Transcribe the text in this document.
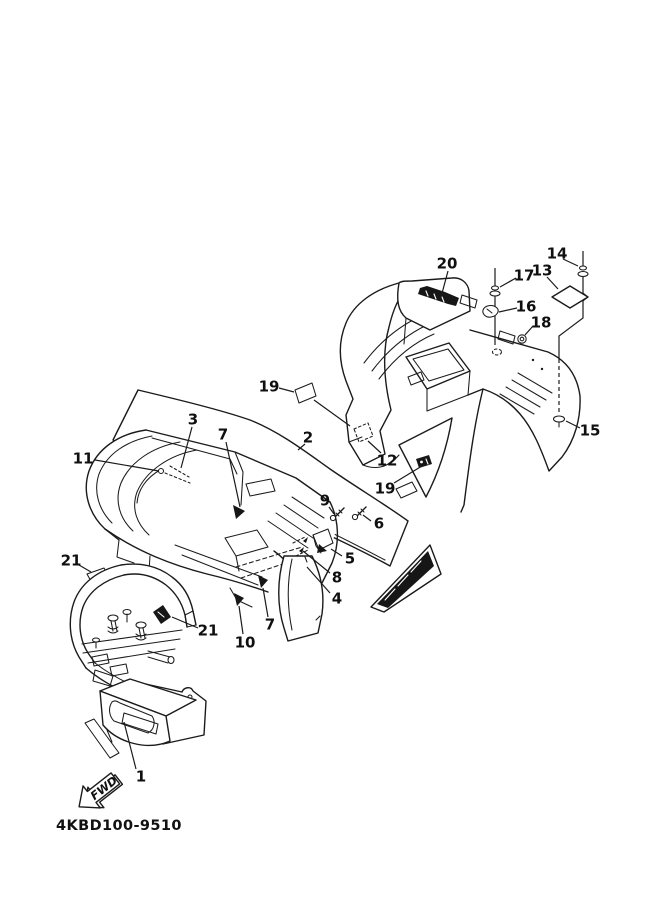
FWD
20
14
17
13
16
18
15
12
19
19
2
3
7
11
9
6
5
8
4
21
21	7
10
1
4KBD100-9510
